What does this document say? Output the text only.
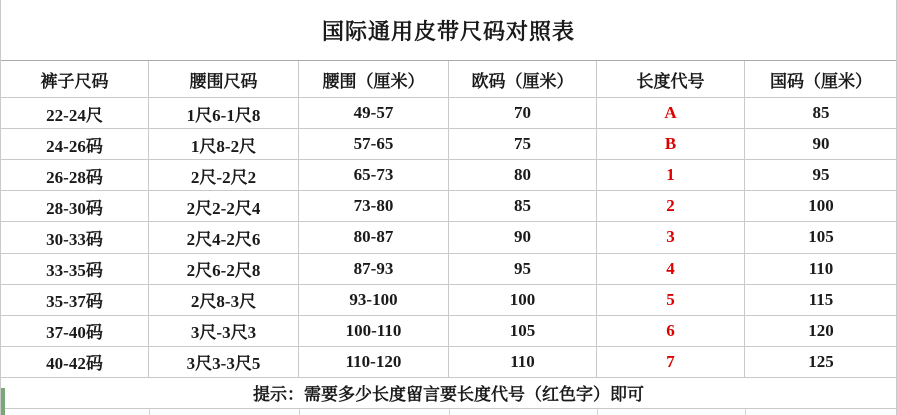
国际通用皮带尺码对照表
裤子尺码	腰围尺码	腰围（厘米）	欧码（厘米）	长度代号	国码（厘米）
22-24尺	1尺6-1尺8	49-57	70	A	85
24-26码	1尺8-2尺	57-65	75	B	90
26-28码	2尺-2尺2	65-73	80	1	95
28-30码	2尺2-2尺4	73-80	85	2	100
30-33码	2尺4-2尺6	80-87	90	3	105
33-35码	2尺6-2尺8	87-93	95	4	110
35-37码	2尺8-3尺	93-100	100	5	115
37-40码	3尺-3尺3	100-110	105	6	120
40-42码	3尺3-3尺5	110-120	110	7	125
提示：需要多少长度留言要长度代号（红色字）即可
